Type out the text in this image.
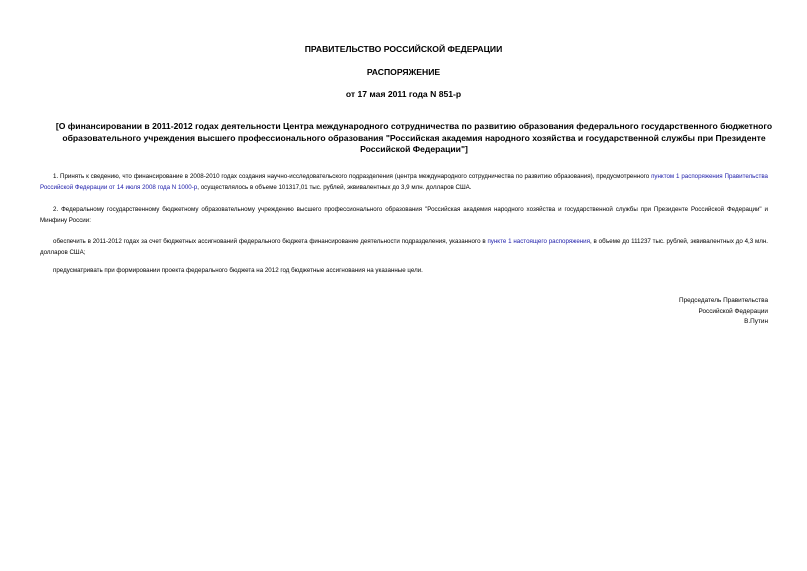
ПРАВИТЕЛЬСТВО РОССИЙСКОЙ ФЕДЕРАЦИИ
РАСПОРЯЖЕНИЕ
от 17 мая 2011 года N 851-р
[О финансировании в 2011-2012 годах деятельности Центра международного сотрудничества по развитию образования федерального государственного бюджетного образовательного учреждения высшего профессионального образования "Российская академия народного хозяйства и государственной службы при Президенте Российской Федерации"]
1. Принять к сведению, что финансирование в 2008-2010 годах создания научно-исследовательского подразделения (центра международного сотрудничества по развитию образования), предусмотренного пунктом 1 распоряжения Правительства Российской Федерации от 14 июля 2008 года N 1000-р, осуществлялось в объеме 101317,01 тыс. рублей, эквивалентных до 3,9 млн. долларов США.
2. Федеральному государственному бюджетному образовательному учреждению высшего профессионального образования "Российская академия народного хозяйства и государственной службы при Президенте Российской Федерации" и Минфину России:
обеспечить в 2011-2012 годах за счет бюджетных ассигнований федерального бюджета финансирование деятельности подразделения, указанного в пункте 1 настоящего распоряжения, в объеме до 111237 тыс. рублей, эквивалентных до 4,3 млн. долларов США;
предусматривать при формировании проекта федерального бюджета на 2012 год бюджетные ассигнования на указанные цели.
Председатель Правительства
Российской Федерации
В.Путин
